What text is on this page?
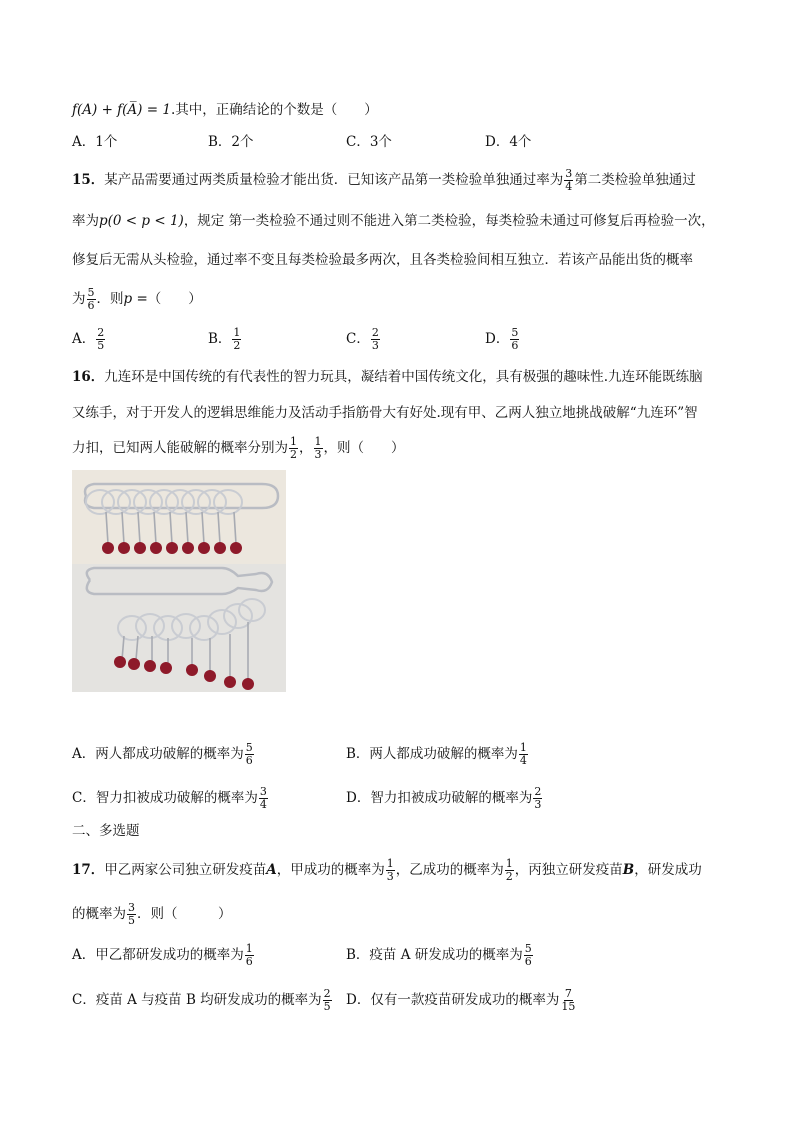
f(A) + f(A̅) = 1.其中，正确结论的个数是（　　）
A．1个	B．2个	C．3个	D．4个
15．某产品需要通过两类质量检验才能出货．已知该产品第一类检验单独通过率为 $\frac{3}{4}$ 第二类检验单独通过
率为p(0 < p < 1)，规定 第一类检验不通过则不能进入第二类检验，每类检验未通过可修复后再检验一次，
修复后无需从头检验，通过率不变且每类检验最多两次，且各类检验间相互独立．若该产品能出货的概率
为 $\frac{5}{6}$ ．则p =（　　）
A． $\frac{2}{5}$	B． $\frac{1}{2}$	C． $\frac{2}{3}$	D． $\frac{5}{6}$
16．九连环是中国传统的有代表性的智力玩具，凝结着中国传统文化，具有极强的趣味性.九连环能既练脑
又练手，对于开发人的逻辑思维能力及活动手指筋骨大有好处.现有甲、乙两人独立地挑战破解“九连环”智
力扣，已知两人能破解的概率分别为 $\frac{1}{2}$ ， $\frac{1}{3}$ ，则（　　）
A．两人都成功破解的概率为 $\frac{5}{6}$	B．两人都成功破解的概率为 $\frac{1}{4}$
C．智力扣被成功破解的概率为 $\frac{3}{4}$	D．智力扣被成功破解的概率为 $\frac{2}{3}$
二、多选题
17．甲乙两家公司独立研发疫苗A，甲成功的概率为 $\frac{1}{3}$ ，乙成功的概率为 $\frac{1}{2}$ ，丙独立研发疫苗B，研发成功
的概率为 $\frac{3}{5}$ ．则（　　　）
A．甲乙都研发成功的概率为 $\frac{1}{6}$	B．疫苗 A 研发成功的概率为 $\frac{5}{6}$
C．疫苗 A 与疫苗 B 均研发成功的概率为 $\frac{2}{5}$ D．仅有一款疫苗研发成功的概率为 $\frac{7}{15}$
